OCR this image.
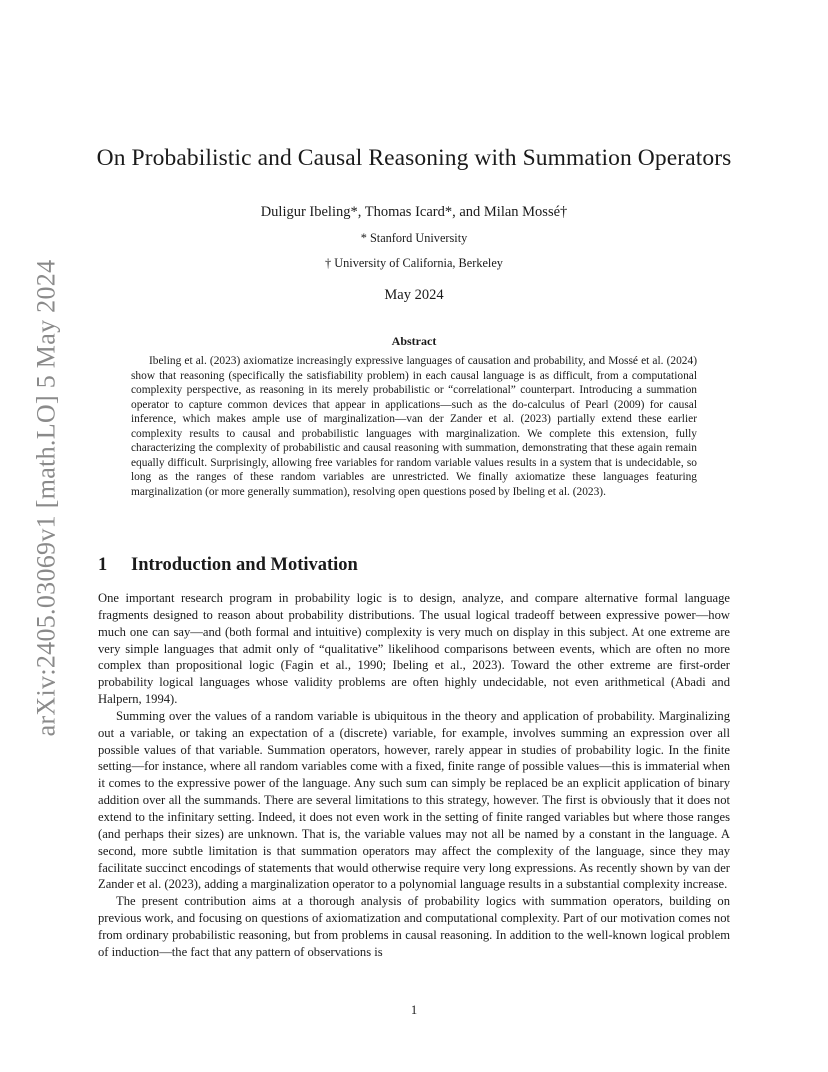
arXiv:2405.03069v1 [math.LO] 5 May 2024
On Probabilistic and Causal Reasoning with Summation Operators
Duligur Ibeling*, Thomas Icard*, and Milan Mossé†
* Stanford University
† University of California, Berkeley
May 2024
Abstract

Ibeling et al. (2023) axiomatize increasingly expressive languages of causation and probability, and Mossé et al. (2024) show that reasoning (specifically the satisfiability problem) in each causal language is as difficult, from a computational complexity perspective, as reasoning in its merely probabilistic or “correlational” counterpart. Introducing a summation operator to capture common devices that appear in applications—such as the do-calculus of Pearl (2009) for causal inference, which makes ample use of marginalization—van der Zander et al. (2023) partially extend these earlier complexity results to causal and probabilistic languages with marginalization. We complete this extension, fully characterizing the complexity of probabilistic and causal reasoning with summation, demonstrating that these again remain equally difficult. Surprisingly, allowing free variables for random variable values results in a system that is undecidable, so long as the ranges of these random variables are unrestricted. We finally axiomatize these languages featuring marginalization (or more generally summation), resolving open questions posed by Ibeling et al. (2023).

1 Introduction and Motivation

One important research program in probability logic is to design, analyze, and compare alternative formal language fragments designed to reason about probability distributions. The usual logical tradeoff between expressive power—how much one can say—and (both formal and intuitive) complexity is very much on display in this subject. At one extreme are very simple languages that admit only of “qualitative” likelihood comparisons between events, which are often no more complex than propositional logic (Fagin et al., 1990; Ibeling et al., 2023). Toward the other extreme are first-order probability logical languages whose validity problems are often highly undecidable, not even arithmetical (Abadi and Halpern, 1994).

Summing over the values of a random variable is ubiquitous in the theory and application of probability. Marginalizing out a variable, or taking an expectation of a (discrete) variable, for example, involves summing an expression over all possible values of that variable. Summation operators, however, rarely appear in studies of probability logic. In the finite setting—for instance, where all random variables come with a fixed, finite range of possible values—this is immaterial when it comes to the expressive power of the language. Any such sum can simply be replaced be an explicit application of binary addition over all the summands. There are several limitations to this strategy, however. The first is obviously that it does not extend to the infinitary setting. Indeed, it does not even work in the setting of finite ranged variables but where those ranges (and perhaps their sizes) are unknown. That is, the variable values may not all be named by a constant in the language. A second, more subtle limitation is that summation operators may affect the complexity of the language, since they may facilitate succinct encodings of statements that would otherwise require very long expressions. As recently shown by van der Zander et al. (2023), adding a marginalization operator to a polynomial language results in a substantial complexity increase.

The present contribution aims at a thorough analysis of probability logics with summation operators, building on previous work, and focusing on questions of axiomatization and computational complexity. Part of our motivation comes not from ordinary probabilistic reasoning, but from problems in causal reasoning. In addition to the well-known logical problem of induction—the fact that any pattern of observations is

1
